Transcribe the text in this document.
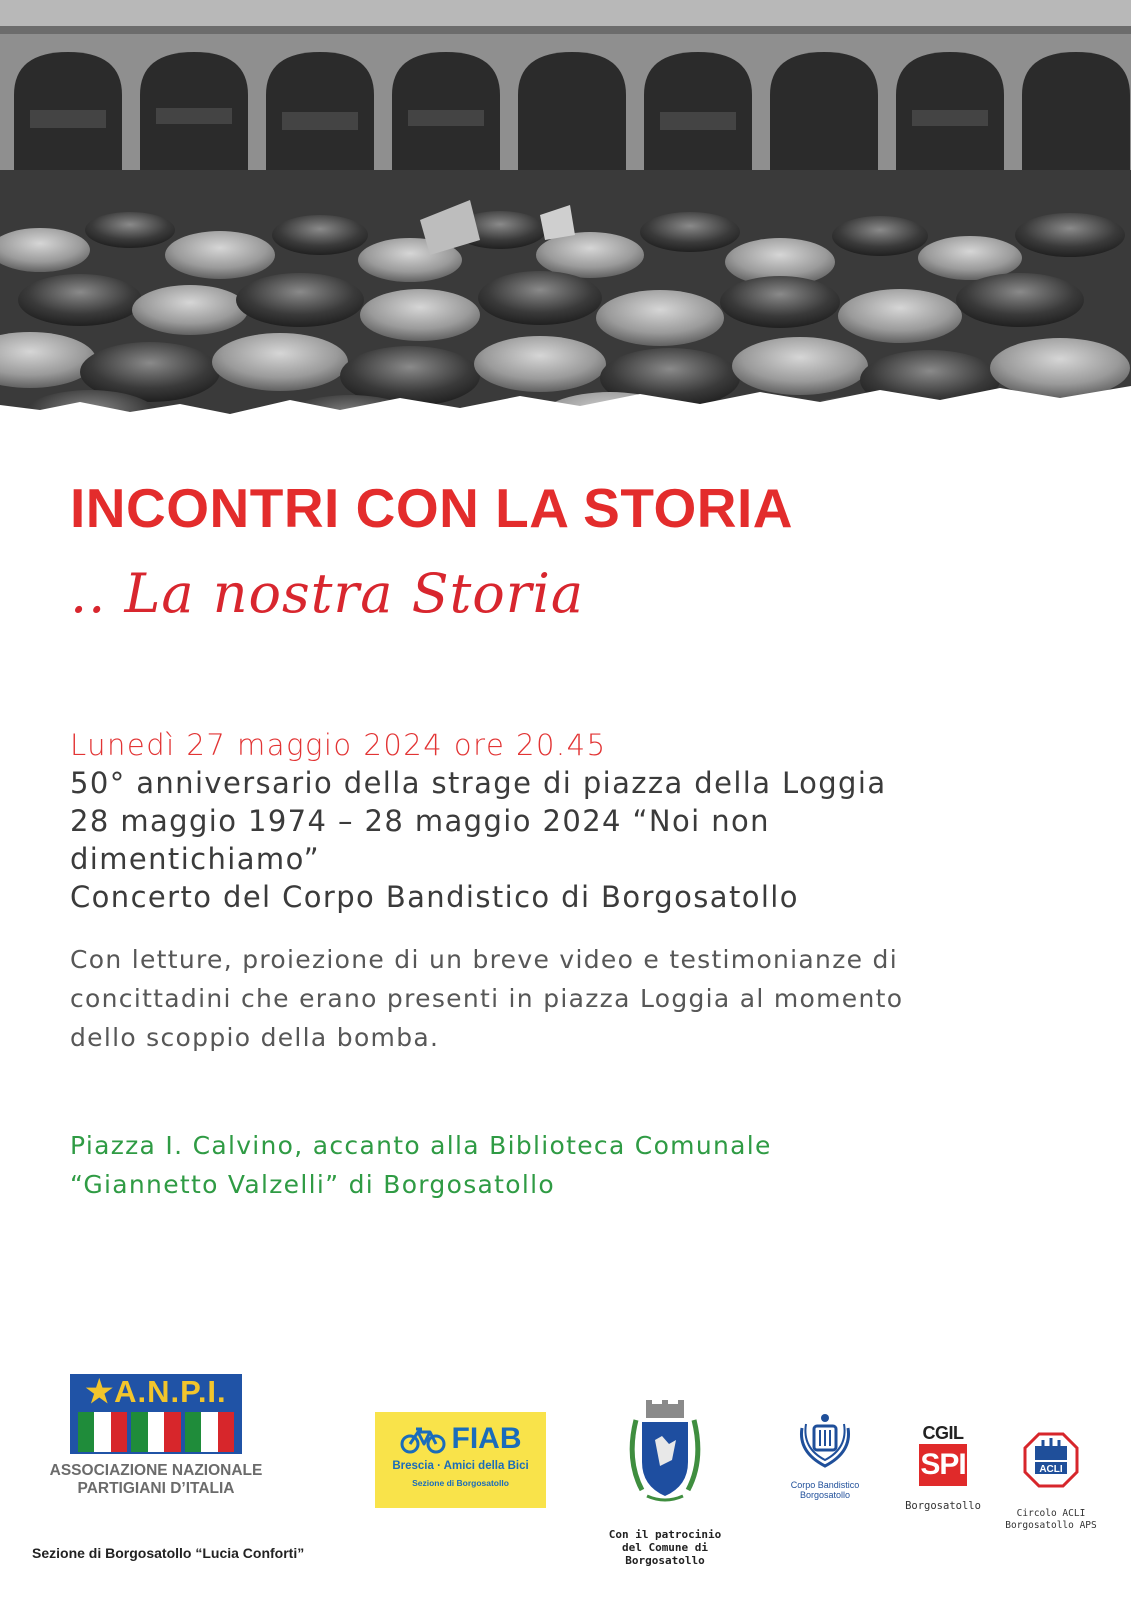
INCONTRI CON LA STORIA
.. La nostra Storia
Lunedì 27 maggio 2024 ore 20.45
50° anniversario della strage di piazza della Loggia
28 maggio 1974 – 28 maggio 2024 “Noi non
dimentichiamo”
Concerto del Corpo Bandistico di Borgosatollo
Con letture, proiezione di un breve video e testimonianze di
concittadini che erano presenti in piazza Loggia al momento
dello scoppio della bomba.
Piazza I. Calvino, accanto alla Biblioteca Comunale
“Giannetto Valzelli” di Borgosatollo
★A.N.P.I.
ASSOCIAZIONE NAZIONALE
PARTIGIANI D’ITALIA
Sezione di Borgosatollo “Lucia Conforti”
FIAB
Brescia · Amici della Bici
Sezione di Borgosatollo
Con il patrocinio
del Comune di
Borgosatollo
Corpo Bandistico
Borgosatollo
CGIL
SPI
Borgosatollo
ACLI
Circolo ACLI
Borgosatollo APS
